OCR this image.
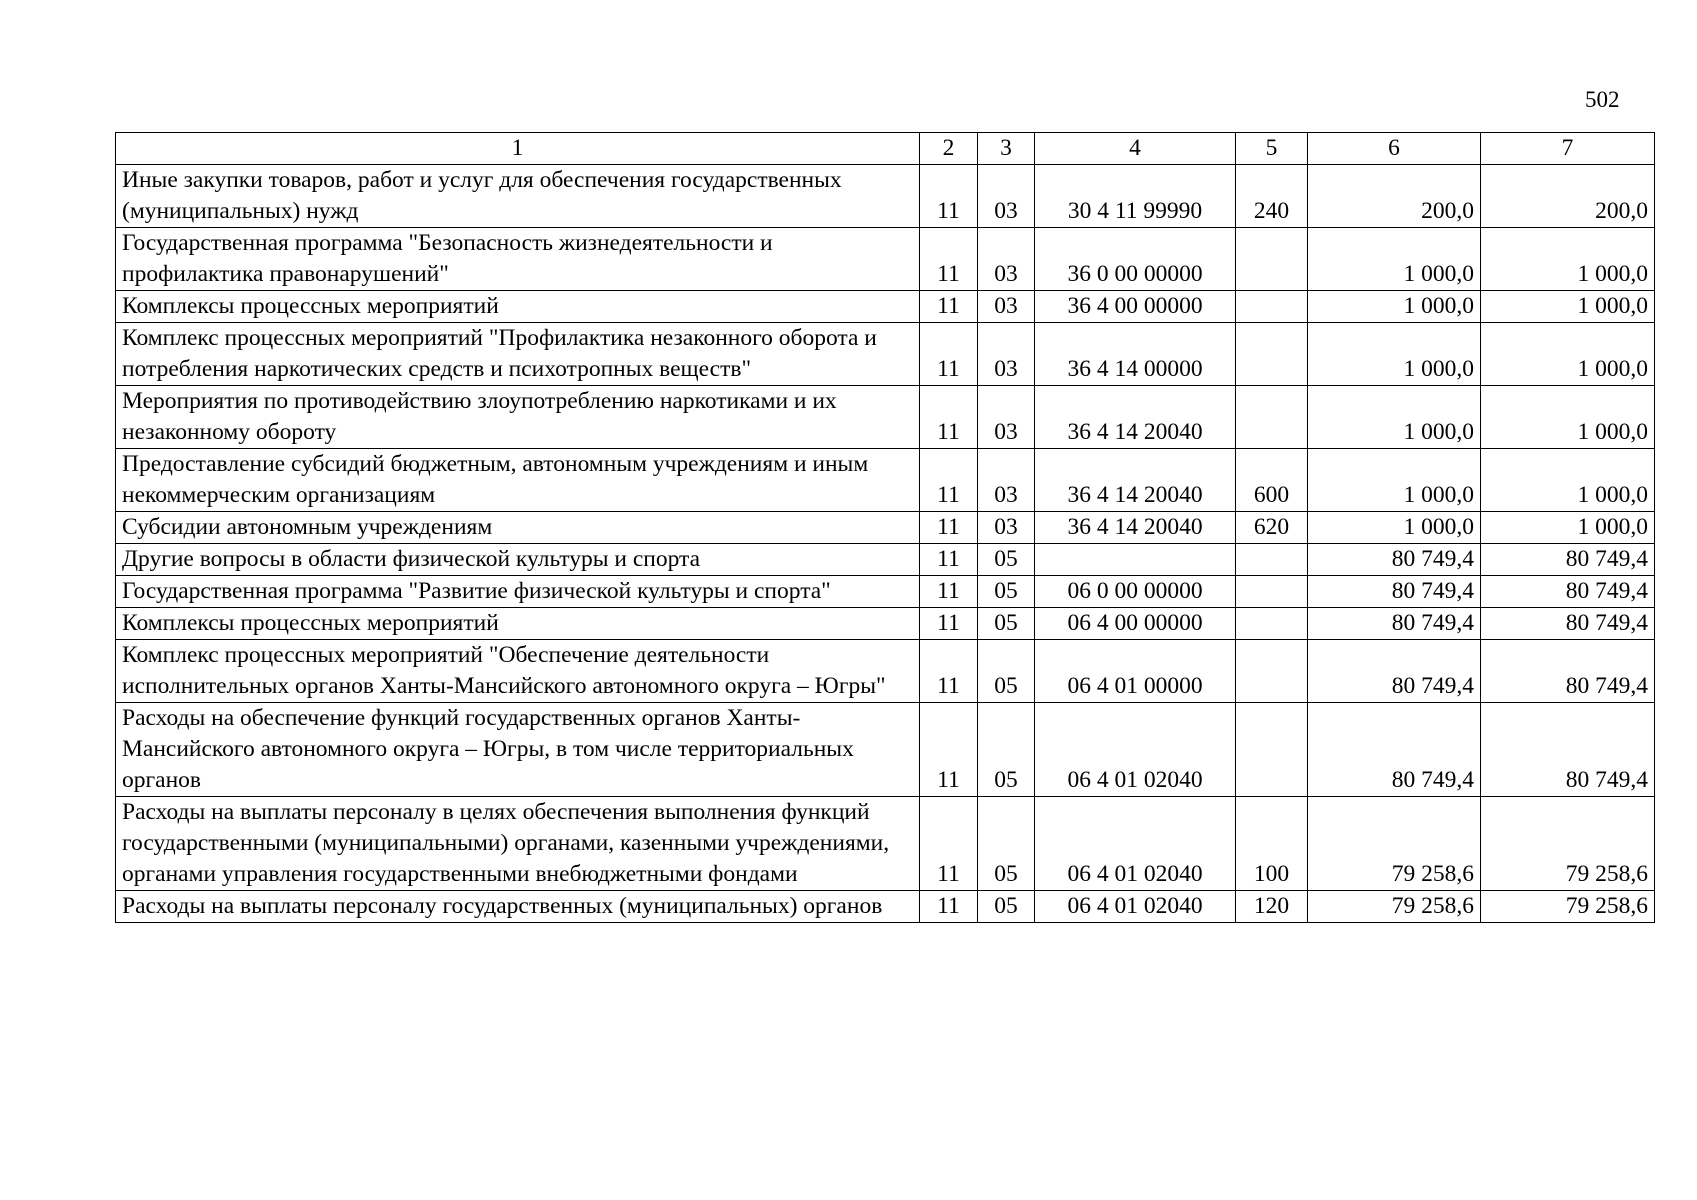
502
1	2	3	4	5	6	7
Иные закупки товаров, работ и услуг для обеспечения государственных (муниципальных) нужд	11	03	30 4 11 99990	240	200,0	200,0
Государственная программа "Безопасность жизнедеятельности и профилактика правонарушений"	11	03	36 0 00 00000		1 000,0	1 000,0
Комплексы процессных мероприятий	11	03	36 4 00 00000		1 000,0	1 000,0
Комплекс процессных мероприятий "Профилактика незаконного оборота и потребления наркотических средств и психотропных веществ"	11	03	36 4 14 00000		1 000,0	1 000,0
Мероприятия по противодействию злоупотреблению наркотиками и их незаконному обороту	11	03	36 4 14 20040		1 000,0	1 000,0
Предоставление субсидий бюджетным, автономным учреждениям и иным некоммерческим организациям	11	03	36 4 14 20040	600	1 000,0	1 000,0
Субсидии автономным учреждениям	11	03	36 4 14 20040	620	1 000,0	1 000,0
Другие вопросы в области физической культуры и спорта	11	05			80 749,4	80 749,4
Государственная программа "Развитие физической культуры и спорта"	11	05	06 0 00 00000		80 749,4	80 749,4
Комплексы процессных мероприятий	11	05	06 4 00 00000		80 749,4	80 749,4
Комплекс процессных мероприятий "Обеспечение деятельности исполнительных органов Ханты-Мансийского автономного округа – Югры"	11	05	06 4 01 00000		80 749,4	80 749,4
Расходы на обеспечение функций государственных органов Ханты-Мансийского автономного округа – Югры, в том числе территориальных органов	11	05	06 4 01 02040		80 749,4	80 749,4
Расходы на выплаты персоналу в целях обеспечения выполнения функций государственными (муниципальными) органами, казенными учреждениями, органами управления государственными внебюджетными фондами	11	05	06 4 01 02040	100	79 258,6	79 258,6
Расходы на выплаты персоналу государственных (муниципальных) органов	11	05	06 4 01 02040	120	79 258,6	79 258,6
